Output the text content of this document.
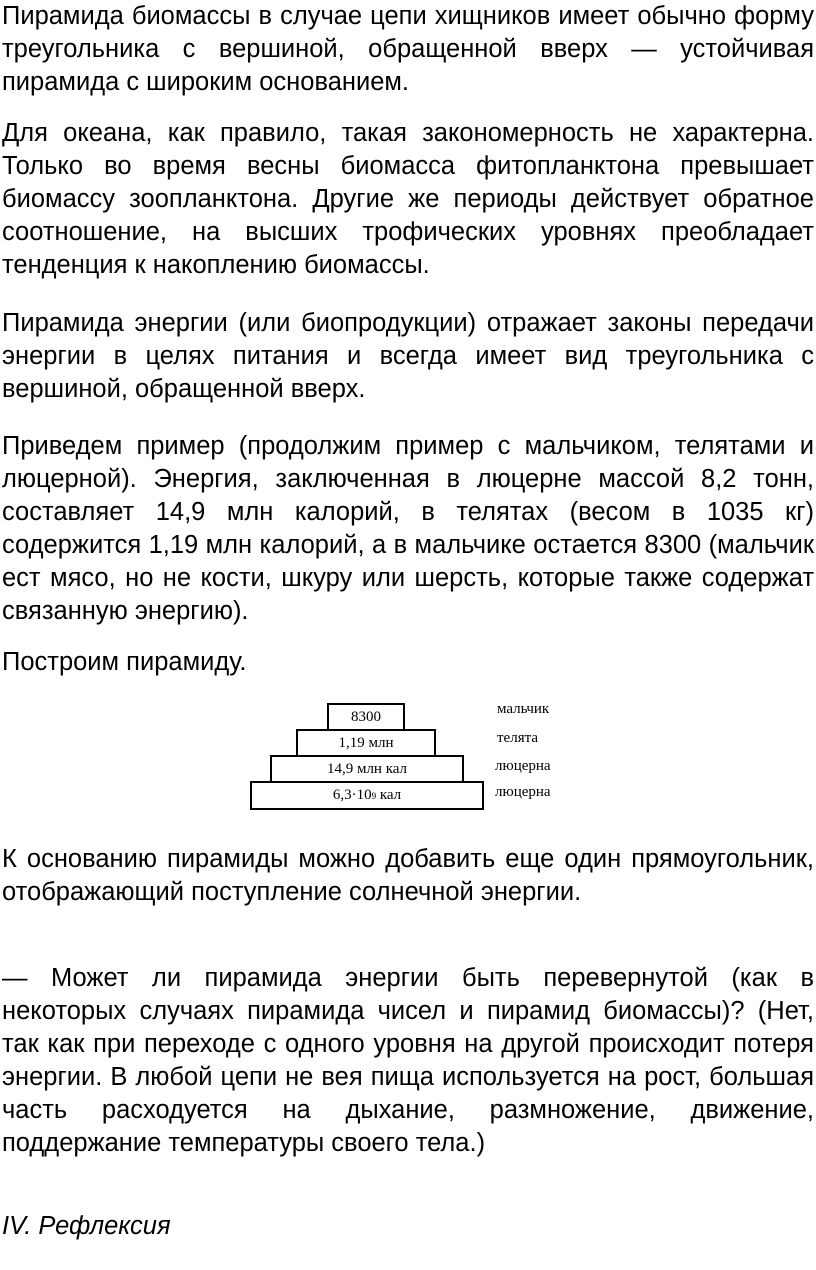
Пирамида биомассы в случае цепи хищников имеет обычно форму треугольника с вершиной, обращенной вверх — устойчивая пирамида с широким основанием.

Для океана, как правило, такая закономерность не характерна. Только во время весны биомасса фитопланктона превышает биомассу зоопланктона. Другие же периоды действует обратное соотношение, на высших трофических уровнях преобладает тенденция к накоплению биомассы.

Пирамида энергии (или биопродукции) отражает законы передачи энергии в целях питания и всегда имеет вид треугольника с вершиной, обращенной вверх.

Приведем пример (продолжим пример с мальчиком, телятами и люцерной). Энергия, заключенная в люцерне массой 8,2 тонн, составляет 14,9 млн калорий, в телятах (весом в 1035 кг) содержится 1,19 млн калорий, а в мальчике остается 8300 (мальчик ест мясо, но не кости, шкуру или шерсть, которые также содержат связанную энергию).

Построим пирамиду.

8300
1,19 млн
14,9 млн кал
6,3 · 10 9 кал
мальчик
телята
люцерна
люцерна

К основанию пирамиды можно добавить еще один прямоугольник, отображающий поступление солнечной энергии.

— Может ли пирамида энергии быть перевернутой (как в некоторых случаях пирамида чисел и пирамид биомассы)? (Нет, так как при переходе с одного уровня на другой происходит потеря энергии. В любой цепи не вея пища используется на рост, большая часть расходуется на дыхание, размножение, движение, поддержание температуры своего тела.)

IV. Рефлексия
